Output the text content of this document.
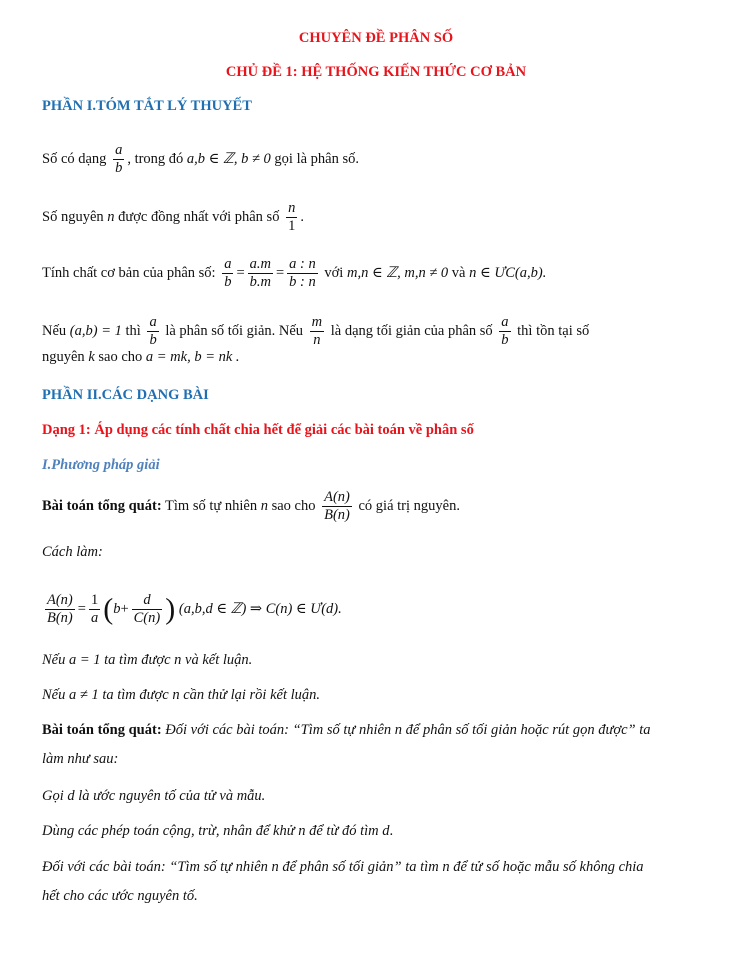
CHUYÊN ĐỀ PHÂN SỐ
CHỦ ĐỀ 1: HỆ THỐNG KIẾN THỨC CƠ BẢN
PHẦN I.TÓM TẮT LÝ THUYẾT
Số có dạng $\frac{a}{b}$ , trong đó a,b ∈ ℤ, b ≠ 0 gọi là phân số.
Số nguyên n được đồng nhất với phân số $\frac{n}{1}$ .
Tính chất cơ bản của phân số: $\frac{a}{b} = \frac{a.m}{b.m} = \frac{a : n}{b : n}$ với m,n ∈ ℤ, m,n ≠ 0 và n ∈ ƯC(a,b).
Nếu (a,b) = 1 thì $\frac{a}{b}$ là phân số tối giản. Nếu $\frac{m}{n}$ là dạng tối giản của phân số $\frac{a}{b}$ thì tồn tại số
nguyên k sao cho a = mk, b = nk .
PHẦN II.CÁC DẠNG BÀI
Dạng 1: Áp dụng các tính chất chia hết để giải các bài toán về phân số
I.Phương pháp giải
Bài toán tổng quát: Tìm số tự nhiên n sao cho $\frac{A(n)}{B(n)}$ có giá trị nguyên.
Cách làm:
$\frac{A(n)}{B(n)} = \frac{1}{a} (b+ \frac{d}{C(n)}$ ) (a,b,d ∈ ℤ) ⇒ C(n) ∈ Ư(d).
Nếu a = 1 ta tìm được n và kết luận.
Nếu a ≠ 1 ta tìm được n cần thử lại rồi kết luận.
Bài toán tổng quát: Đối với các bài toán: “Tìm số tự nhiên n để phân số tối giản hoặc rút gọn được” ta
làm như sau:
Gọi d là ước nguyên tố của tử và mẫu.
Dùng các phép toán cộng, trừ, nhân để khử n để từ đó tìm d.
Đối với các bài toán: “Tìm số tự nhiên n để phân số tối giản” ta tìm n để tử số hoặc mẫu số không chia
hết cho các ước nguyên tố.
